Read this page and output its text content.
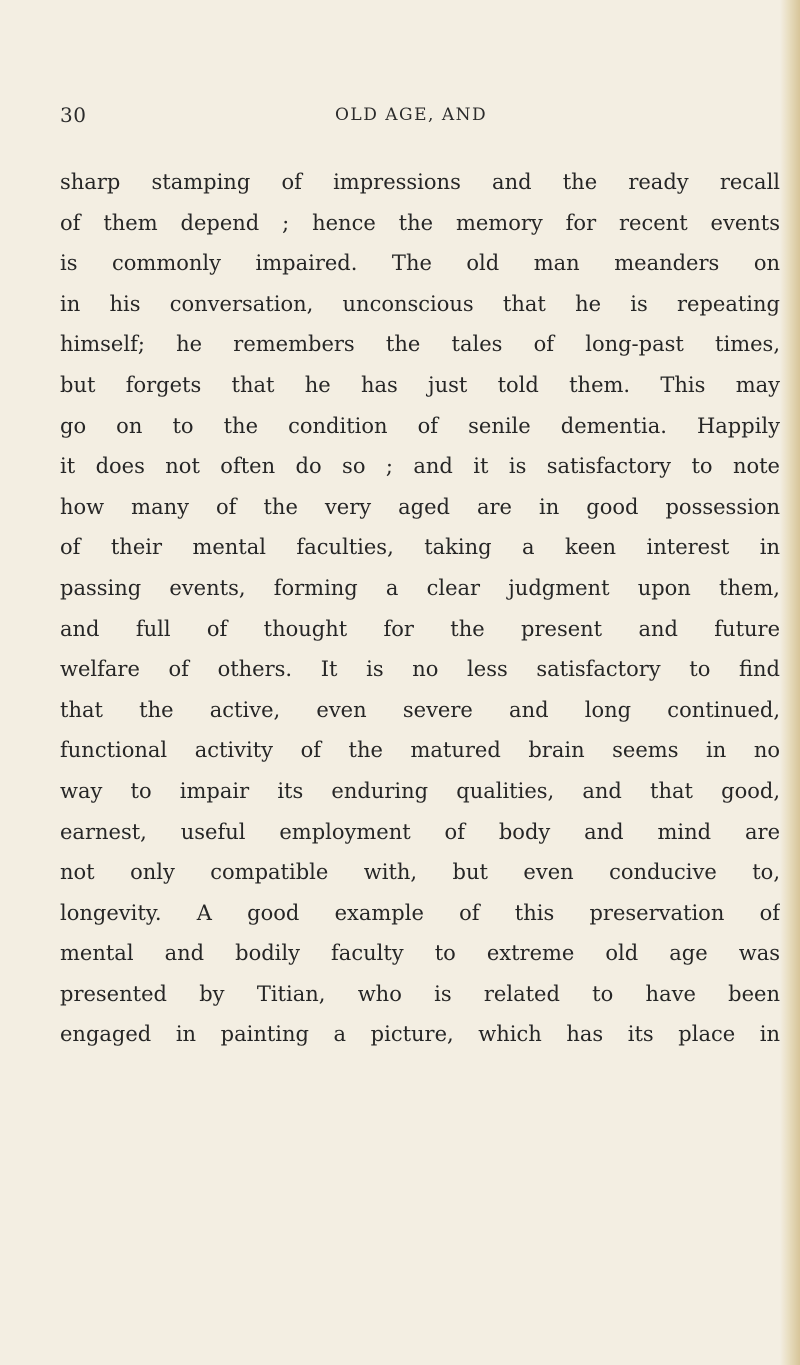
30	OLD AGE, AND
sharp stamping of impressions and the ready recall
of them depend ; hence the memory for recent events
is commonly impaired. The old man meanders on
in his conversation, unconscious that he is repeating
himself; he remembers the tales of long-past times,
but forgets that he has just told them. This may
go on to the condition of senile dementia. Happily
it does not often do so ; and it is satisfactory to note
how many of the very aged are in good possession
of their mental faculties, taking a keen interest in
passing events, forming a clear judgment upon them,
and full of thought for the present and future
welfare of others. It is no less satisfactory to find
that the active, even severe and long continued,
functional activity of the matured brain seems in no
way to impair its enduring qualities, and that good,
earnest, useful employment of body and mind are
not only compatible with, but even conducive to,
longevity. A good example of this preservation of
mental and bodily faculty to extreme old age was
presented by Titian, who is related to have been
engaged in painting a picture, which has its place in
